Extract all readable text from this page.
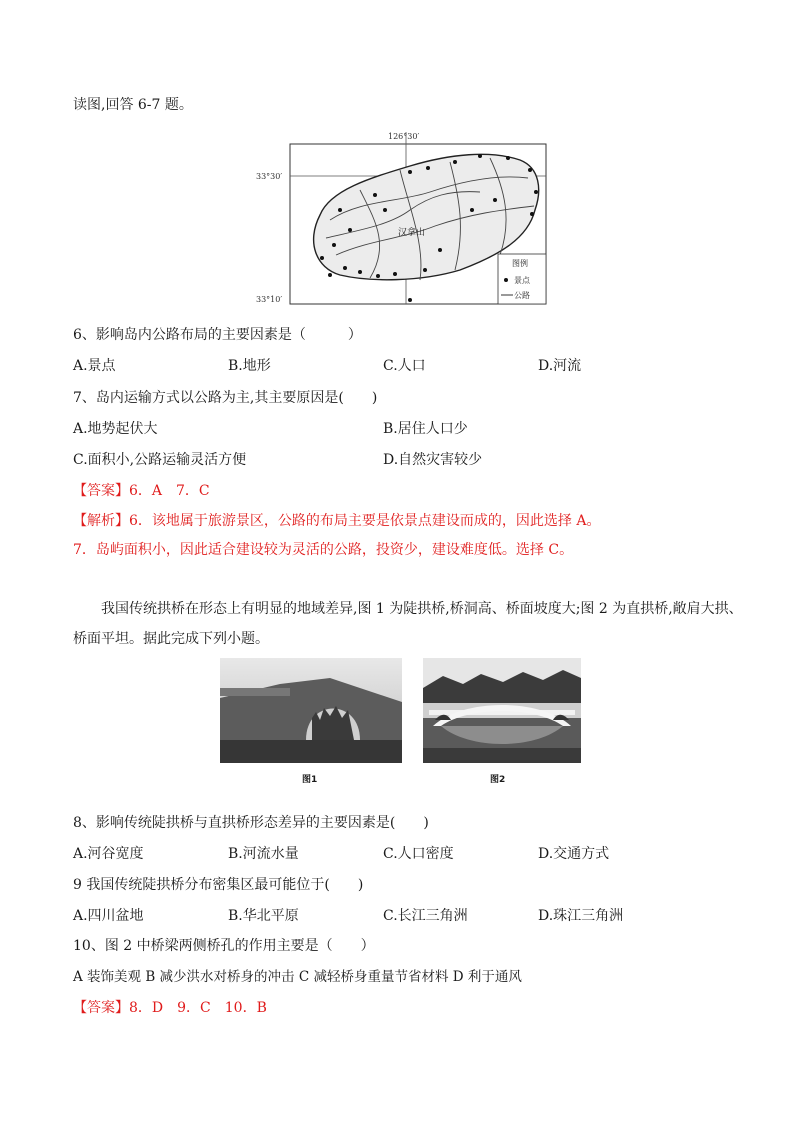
读图,回答 6-7 题。
126°30′
33°30′
33°10′
汉拿山
图例
景点
公路
6、影响岛内公路布局的主要因素是（　　　）
A.景点	B.地形	C.人口	D.河流
7、岛内运输方式以公路为主,其主要原因是(　　)
A.地势起伏大	B.居住人口少
C.面积小,公路运输灵活方便	D.自然灾害较少
【答案】6．A　7．C
【解析】6．该地属于旅游景区，公路的布局主要是依景点建设而成的，因此选择 A。
7．岛屿面积小，因此适合建设较为灵活的公路，投资少，建设难度低。选择 C。
我国传统拱桥在形态上有明显的地域差异,图 1 为陡拱桥,桥洞高、桥面坡度大;图 2 为直拱桥,敞肩大拱、
桥面平坦。据此完成下列小题。
图1	图2
8、影响传统陡拱桥与直拱桥形态差异的主要因素是(　　)
A.河谷宽度	B.河流水量	C.人口密度	D.交通方式
9 我国传统陡拱桥分布密集区最可能位于(　　)
A.四川盆地	B.华北平原	C.长江三角洲	D.珠江三角洲
10、图 2 中桥梁两侧桥孔的作用主要是（　　）
A 装饰美观 B 减少洪水对桥身的冲击 C 减轻桥身重量节省材料 D 利于通风
【答案】8．D　9．C　10．B
